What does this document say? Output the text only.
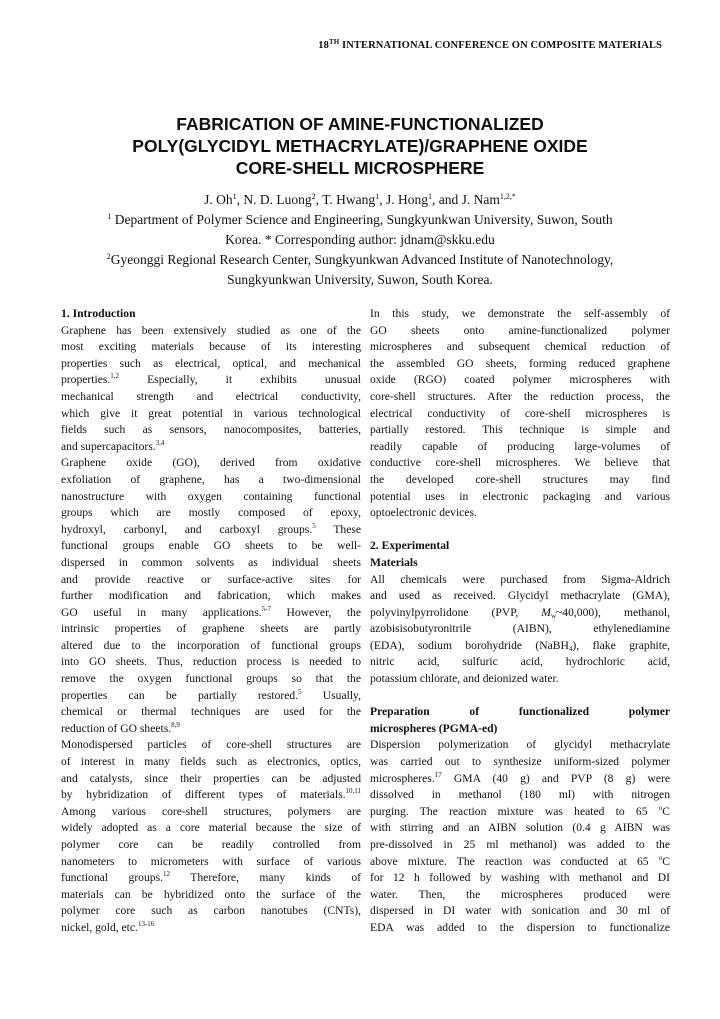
18TH INTERNATIONAL CONFERENCE ON COMPOSITE MATERIALS
FABRICATION OF AMINE-FUNCTIONALIZED
POLY(GLYCIDYL METHACRYLATE)/GRAPHENE OXIDE
CORE-SHELL MICROSPHERE
J. Oh$^1$, N. D. Luong$^2$, T. Hwang$^1$, J. Hong$^1$, and J. Nam$^{1,2,*}$
$^1$ Department of Polymer Science and Engineering, Sungkyunkwan University, Suwon, South
Korea. * Corresponding author: jdnam@skku.edu
$^2$Gyeonggi Regional Research Center, Sungkyunkwan Advanced Institute of Nanotechnology,
Sungkyunkwan University, Suwon, South Korea.
1. Introduction
Graphene has been extensively studied as one of the
most exciting materials because of its interesting
properties such as electrical, optical, and mechanical
properties.$^{1,2}$ Especially, it exhibits unusual
mechanical strength and electrical conductivity,
which give it great potential in various technological
fields such as sensors, nanocomposites, batteries,
and supercapacitors.$^{3,4}$
Graphene oxide (GO), derived from oxidative
exfoliation of graphene, has a two-dimensional
nanostructure with oxygen containing functional
groups which are mostly composed of epoxy,
hydroxyl, carbonyl, and carboxyl groups.$^5$ These
functional groups enable GO sheets to be well-
dispersed in common solvents as individual sheets
and provide reactive or surface-active sites for
further modification and fabrication, which makes
GO useful in many applications.$^{5-7}$ However, the
intrinsic properties of graphene sheets are partly
altered due to the incorporation of functional groups
into GO sheets. Thus, reduction process is needed to
remove the oxygen functional groups so that the
properties can be partially restored.$^5$ Usually,
chemical or thermal techniques are used for the
reduction of GO sheets.$^{8,9}$
Monodispersed particles of core-shell structures are
of interest in many fields such as electronics, optics,
and catalysts, since their properties can be adjusted
by hybridization of different types of materials.$^{10,11}$
Among various core-shell structures, polymers are
widely adopted as a core material because the size of
polymer core can be readily controlled from
nanometers to micrometers with surface of various
functional groups.$^{12}$ Therefore, many kinds of
materials can be hybridized onto the surface of the
polymer core such as carbon nanotubes (CNTs),
nickel, gold, etc.$^{13-16}$
In this study, we demonstrate the self-assembly of
GO sheets onto amine-functionalized polymer
microspheres and subsequent chemical reduction of
the assembled GO sheets, forming reduced graphene
oxide (RGO) coated polymer microspheres with
core-shell structures. After the reduction process, the
electrical conductivity of core-shell microspheres is
partially restored. This technique is simple and
readily capable of producing large-volumes of
conductive core-shell microspheres. We believe that
the developed core-shell structures may find
potential uses in electronic packaging and various
optoelectronic devices.
2. Experimental
Materials
All chemicals were purchased from Sigma-Aldrich
and used as received. Glycidyl methacrylate (GMA),
polyvinylpyrrolidone (PVP, $M_w\sim 40,000$), methanol,
azobisisobutyronitrile (AIBN), ethylenediamine
(EDA), sodium borohydride (NaBH$_4$), flake graphite,
nitric acid, sulfuric acid, hydrochloric acid,
potassium chlorate, and deionized water.
Preparation of functionalized polymer
microspheres (PGMA-ed)
Dispersion polymerization of glycidyl methacrylate
was carried out to synthesize uniform-sized polymer
microspheres.$^{17}$ GMA (40 g) and PVP (8 g) were
dissolved in methanol (180 ml) with nitrogen
purging. The reaction mixture was heated to 65 $^o$C
with stirring and an AIBN solution (0.4 g AIBN was
pre-dissolved in 25 ml methanol) was added to the
above mixture. The reaction was conducted at 65 $^o$C
for 12 h followed by washing with methanol and DI
water. Then, the microspheres produced were
dispersed in DI water with sonication and 30 ml of
EDA was added to the dispersion to functionalize
